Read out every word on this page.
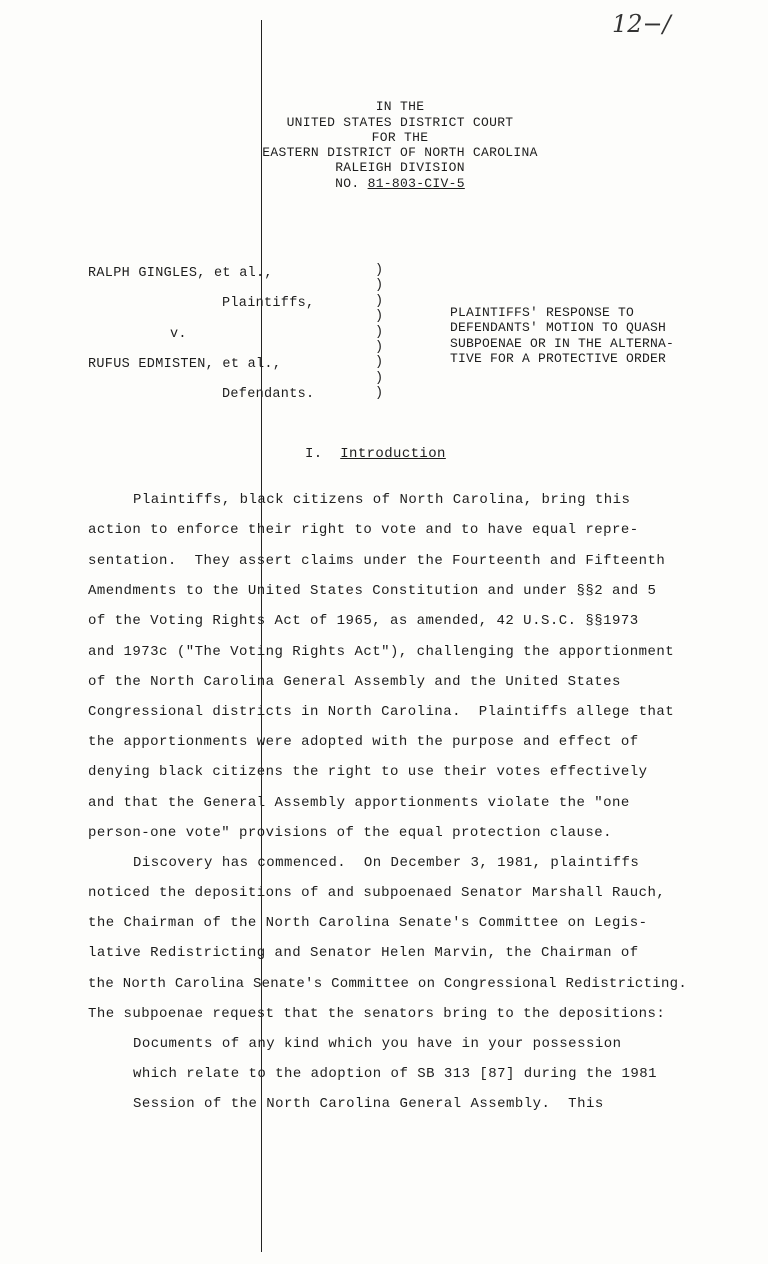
12−∕
IN THE
UNITED STATES DISTRICT COURT
FOR THE
EASTERN DISTRICT OF NORTH CAROLINA
RALEIGH DIVISION
NO. 81-803-CIV-5
RALPH GINGLES, et al.,
Plaintiffs,
v.
RUFUS EDMISTEN, et al.,
Defendants.
)
)
)
)
)
)
)
)
)
PLAINTIFFS' RESPONSE TO
DEFENDANTS' MOTION TO QUASH
SUBPOENAE OR IN THE ALTERNA-
TIVE FOR A PROTECTIVE ORDER
I. Introduction
Plaintiffs, black citizens of North Carolina, bring this
action to enforce their right to vote and to have equal repre-
sentation.  They assert claims under the Fourteenth and Fifteenth
Amendments to the United States Constitution and under §§2 and 5
of the Voting Rights Act of 1965, as amended, 42 U.S.C. §§1973
and 1973c ("The Voting Rights Act"), challenging the apportionment
of the North Carolina General Assembly and the United States
Congressional districts in North Carolina.  Plaintiffs allege that
the apportionments were adopted with the purpose and effect of
denying black citizens the right to use their votes effectively
and that the General Assembly apportionments violate the "one
person-one vote" provisions of the equal protection clause.
Discovery has commenced.  On December 3, 1981, plaintiffs
noticed the depositions of and subpoenaed Senator Marshall Rauch,
the Chairman of the North Carolina Senate's Committee on Legis-
lative Redistricting and Senator Helen Marvin, the Chairman of
the North Carolina Senate's Committee on Congressional Redistricting.
The subpoenae request that the senators bring to the depositions:
Documents of any kind which you have in your possession
which relate to the adoption of SB 313 [87] during the 1981
Session of the North Carolina General Assembly.  This
